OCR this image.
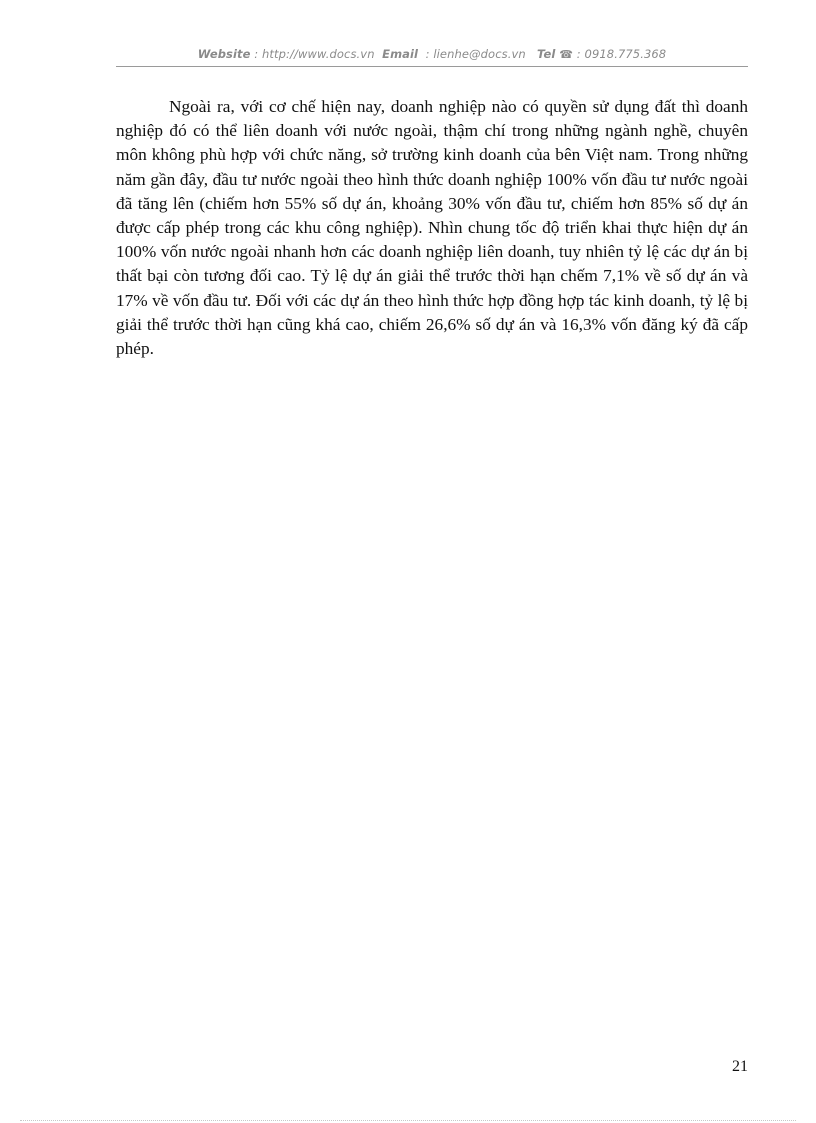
Website : http://www.docs.vn Email : lienhe@docs.vn Tel ☎ : 0918.775.368

Ngoài ra, với cơ chế hiện nay, doanh nghiệp nào có quyền sử dụng đất thì doanh nghiệp đó có thể liên doanh với nước ngoài, thậm chí trong những ngành nghề, chuyên môn không phù hợp với chức năng, sở trường kinh doanh của bên Việt nam. Trong những năm gần đây, đầu tư nước ngoài theo hình thức doanh nghiệp 100% vốn đầu tư nước ngoài đã tăng lên (chiếm hơn 55% số dự án, khoảng 30% vốn đầu tư, chiếm hơn 85% số dự án được cấp phép trong các khu công nghiệp). Nhìn chung tốc độ triển khai thực hiện dự án 100% vốn nước ngoài nhanh hơn các doanh nghiệp liên doanh, tuy nhiên tỷ lệ các dự án bị thất bại còn tương đối cao. Tỷ lệ dự án giải thể trước thời hạn chếm 7,1% về số dự án và 17% về vốn đầu tư. Đối với các dự án theo hình thức hợp đồng hợp tác kinh doanh, tỷ lệ bị giải thể trước thời hạn cũng khá cao, chiếm 26,6% số dự án và 16,3% vốn đăng ký đã cấp phép.

21
